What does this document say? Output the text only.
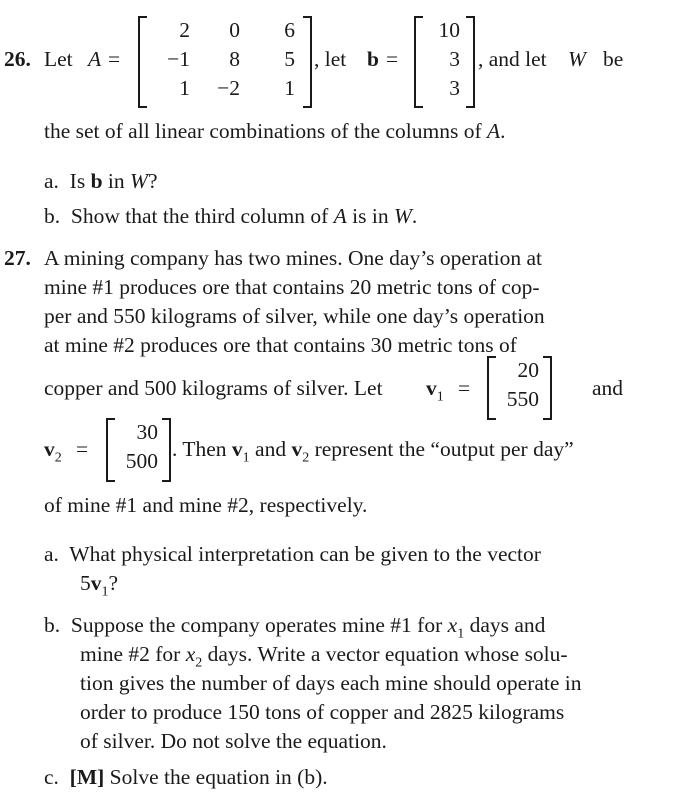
26. Let A =
2	0	6
−1	8	5
1	−2	1
, let b =
10
3
3
, and let W be
the set of all linear combinations of the columns of A.
a. Is b in W?
b. Show that the third column of A is in W.
27. A mining company has two mines. One day’s operation at
mine #1 produces ore that contains 20 metric tons of cop-
per and 550 kilograms of silver, while one day’s operation
at mine #2 produces ore that contains 30 metric tons of
copper and 500 kilograms of silver. Let $v_1$ =
20
550 and
$v_2$ =
30
500 . Then $v_1$ and $v_2$ represent the “output per day”
of mine #1 and mine #2, respectively.
a. What physical interpretation can be given to the vector
$5v_1$?
b. Suppose the company operates mine #1 for $x_1$ days and
mine #2 for $x_2$ days. Write a vector equation whose solu-
tion gives the number of days each mine should operate in
order to produce 150 tons of copper and 2825 kilograms
of silver. Do not solve the equation.
c. [M] Solve the equation in (b).
